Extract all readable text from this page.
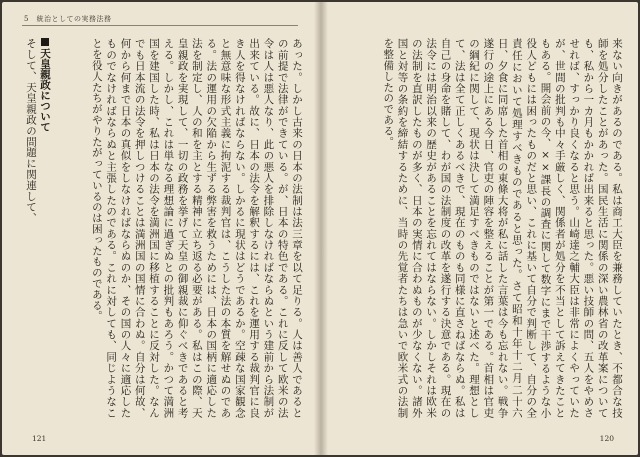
5　統治としての実務法務
あった。しかし古来の日本の法制は法三章を以て足りる。人は善人であるとの前提で法律ができている。が、日本の特色である。これに反して欧米の法令は人は悪人なり、此の悪人を排除しなければならぬという建前から法制が出来ている。故に、日本の法令を解釈するには、これを運用する裁判官に良き人を得なければならない。しかるに現状はどうであるか。空疎な国家観念と無意味な形式主義に拘泥する裁判官は、こうした法の本質を解せぬのである。法の運用の欠陥から生ずる弊害を救うためには、日本の国柄に適応した法を制定し、人の和を主とする精神に立ち返る必要がある。私はこの際、天皇親政を実現して、一切の政務を挙げて天皇の御親裁に仰ぐべきであると考える。しかし、これは単なる理想論に過ぎぬとの批判もあろう。かつて満洲国を建国した時、私は日本の法令を満洲国に移植することに反対した。なんでも日本流の法令を押しつけることは満洲国の国情に合わぬ。自分は何故、何から何まで日本の真似をしなければならぬのか、その国の人々に適応したものでなければならぬと主張したのである。これに対しても、同じようなことを役人たちがやりたがっているのは困ったものである。
天皇親政について
そして、天皇親政の問題に関連して、
121
来ない向きがあるのである。私は商工大臣を兼務していたとき、不都合な技師を処分したことがあった。国民生活に関係の深い農林省の改革案についても、私から一カ月もかかれば出来ると思った。悪い技師の問、五人をやめさせれば、すっかり良くなると思う。山崎達之輔大臣は非常によくやっていたが、世間の批判も中々手厳しく、関係者が処分を不当として訴えてきたこともある。開会前の今、××課長の調査に関して数字にまで干渉するような小役人どもには困ったものだと思い、これに基いて自分で判断して、自分の全責任において処理すべきものであると思った。さて昭和十年十二月二十六日、夕食に同席した首相の東條大将が私に話した言葉は今も忘れない。戦争遂行の途上にある今日、官吏の陣容を整えることが第一である。首相は官吏の綱紀に関して、現状は決して満足すべきものではないと述べた。理想として、法は全て正しくあるべきで、現在のものも同様に直さねばならぬ。私は自己の身命を賭して、わが国の法制度の改革を遂行する決意である。現在の法令には明治以来の歴史があることを忘れてはならない。しかしそれは欧米の法制を直訳したものが多く、日本の実情に合わぬものが少なくない。諸外国と対等の条約を締結するために、当時の先覚者たちは急いで欧米式の法制を整備したのである。
120
